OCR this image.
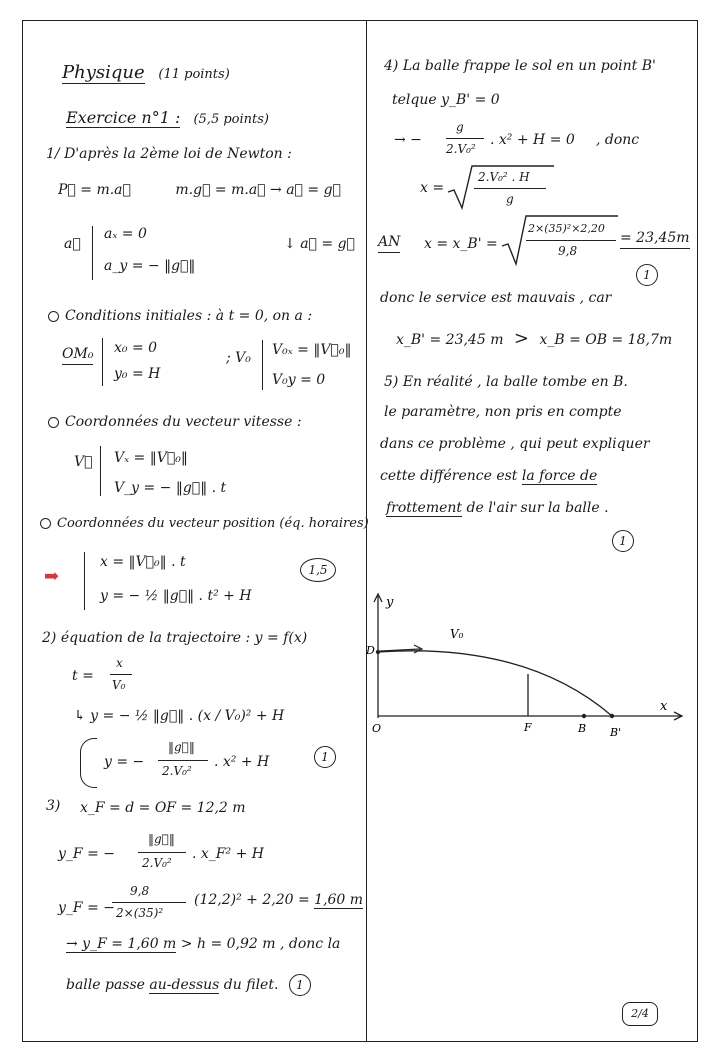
Physique (11 points)
Exercice n°1 : (5,5 points)
1/ D'après la 2ème loi de Newton :
P⃗ = m.a⃗	m.g⃗ = m.a⃗ → a⃗ = g⃗
a⃗
aₓ = 0
a_y = − ‖g⃗‖
↓ a⃗ = g⃗
Conditions initiales : à t = 0, on a :
OM₀ x₀ = 0
y₀ = H
; V₀ V₀ₓ = ‖V⃗₀‖
V₀y = 0
Coordonnées du vecteur vitesse :
V⃗ Vₓ = ‖V⃗₀‖
V_y = − ‖g⃗‖ . t
Coordonnées du vecteur position (éq. horaires)
➡
x = ‖V⃗₀‖ . t
y = − ½ ‖g⃗‖ . t² + H
1,5
2) équation de la trajectoire : y = f(x)
t =
x
V₀
↳ y = − ½ ‖g⃗‖ . (x / V₀)² + H
y = −
‖g⃗‖
2.V₀²
. x² + H	1
3) x_F = d = OF = 12,2 m
y_F = −
‖g⃗‖
2.V₀²
. x_F² + H
y_F = −
9,8
2×(35)²
(12,2)² + 2,20 = 1,60 m
→ y_F = 1,60 m > h = 0,92 m , donc la
balle passe au-dessus du filet. 1
4) La balle frappe le sol en un point B'
telque y_B' = 0
→ −
g
2.V₀²
. x² + H = 0 , donc
x =
2.V₀² . H
g
AN x = x_B' =
2×(35)²×2,20
9,8
= 23,45m
1
donc le service est mauvais , car
x_B' = 23,45 m > x_B = OB = 18,7m
5) En réalité , la balle tombe en B.
le paramètre, non pris en compte
dans ce problème , qui peut expliquer
cette différence est la force de
frottement de l'air sur la balle .
1
y
x
V₀
D
O	F	B B'
2/4
